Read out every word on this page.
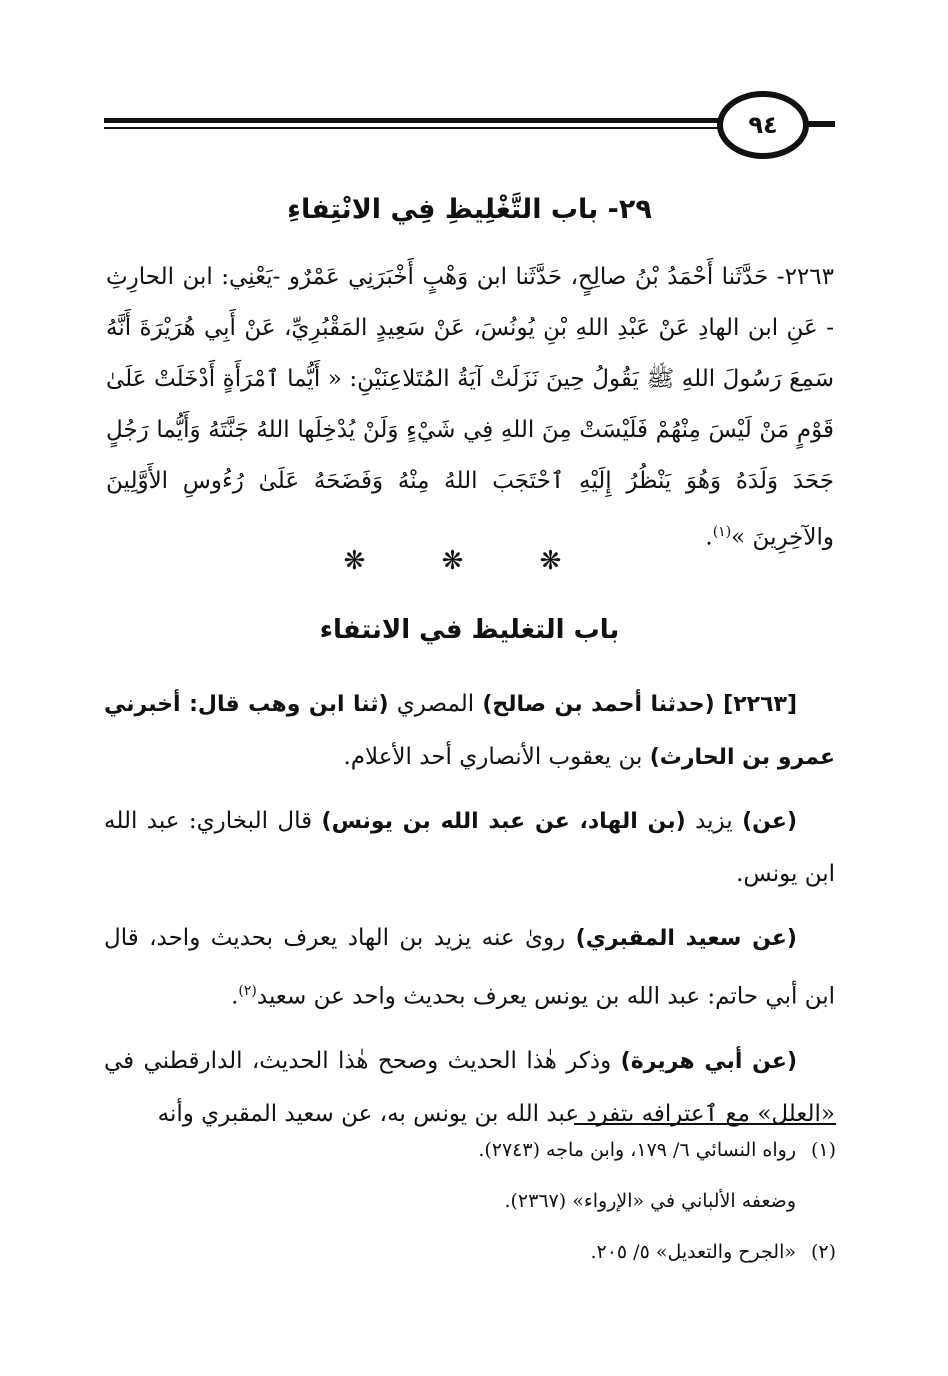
٩٤
٢٩- باب التَّغْلِيظِ فِي الانْتِفاءِ
٢٢٦٣- حَدَّثَنا أَحْمَدُ بْنُ صالِحٍ، حَدَّثَنا ابن وَهْبٍ أَخْبَرَنِي عَمْرٌو -يَعْنِي: ابن الحارِثِ - عَنِ ابن الهادِ عَنْ عَبْدِ اللهِ بْنِ يُونُسَ، عَنْ سَعِيدٍ المَقْبُرِيِّ، عَنْ أَبِي هُرَيْرَةَ أَنَّهُ سَمِعَ رَسُولَ اللهِ ﷺ يَقُولُ حِينَ نَزَلَتْ آيَةُ المُتَلاعِنَيْنِ: « أَيُّما ٱمْرَأَةٍ أَدْخَلَتْ عَلَىٰ قَوْمٍ مَنْ لَيْسَ مِنْهُمْ فَلَيْسَتْ مِنَ اللهِ فِي شَيْءٍ وَلَنْ يُدْخِلَها اللهُ جَنَّتَهُ وَأَيُّما رَجُلٍ جَحَدَ وَلَدَهُ وَهُوَ يَنْظُرُ إِلَيْهِ ٱحْتَجَبَ اللهُ مِنْهُ وَفَضَحَهُ عَلَىٰ رُءُوسِ الأَوَّلِينَ والآخِرِينَ »$^{(١)}$.
❋ ❋ ❋
باب التغليظ في الانتفاء

[٢٢٦٣] (حدثنا أحمد بن صالح) المصري (ثنا ابن وهب قال: أخبرني عمرو بن الحارث) بن يعقوب الأنصاري أحد الأعلام.

(عن) يزيد (بن الهاد، عن عبد الله بن يونس) قال البخاري: عبد الله ابن يونس.

(عن سعيد المقبري) روىٰ عنه يزيد بن الهاد يعرف بحديث واحد، قال ابن أبي حاتم: عبد الله بن يونس يعرف بحديث واحد عن سعيد$^{(٢)}$.

(عن أبي هريرة) وذكر هٰذا الحديث وصحح هٰذا الحديث، الدارقطني في «العلل» مع ٱعترافه بتفرد عبد الله بن يونس به، عن سعيد المقبري وأنه

(١)رواه النسائي ٦/ ١٧٩، وابن ماجه (٢٧٤٣).
وضعفه الألباني في «الإرواء» (٢٣٦٧).
(٢)«الجرح والتعديل» ٥/ ٢٠٥.
